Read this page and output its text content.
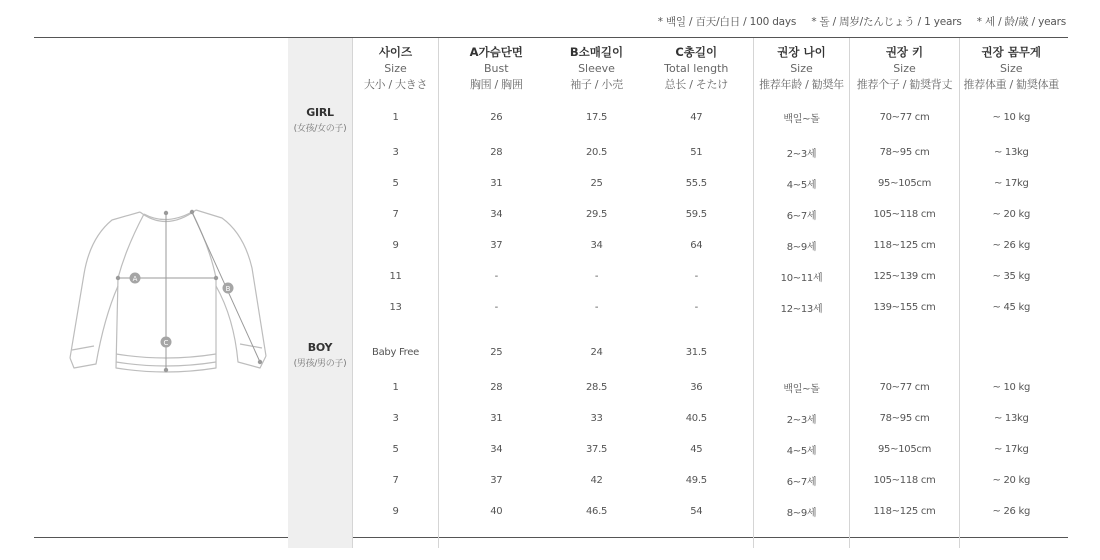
* 백일 / 百天/白日 / 100 days * 돌 / 周岁/たんじょう / 1 years * 세 / 龄/歳 / years
A
B
C

	사이즈
Size
大小 / 大きさ	A가슴단면
Bust
胸围 / 胸囲	B소매길이
Sleeve
袖子 / 小売	C총길이
Total length
总长 / そたけ	권장 나이
Size
推荐年龄 / 勧奨年	권장 키
Size
推荐个子 / 勧奨背丈	권장 몸무게
Size
推荐体重 / 勧奨体重

GIRL
(女孩/女の子)	1	26	17.5	47	백일~돌	70~77 cm	~ 10 kg
	3	28	20.5	51	2~3세	78~95 cm	~ 13kg
	5	31	25	55.5	4~5세	95~105cm	~ 17kg
	7	34	29.5	59.5	6~7세	105~118 cm	~ 20 kg
	9	37	34	64	8~9세	118~125 cm	~ 26 kg
	11	-	-	-	10~11세	125~139 cm	~ 35 kg
	13	-	-	-	12~13세	139~155 cm	~ 45 kg

BOY
(男孩/男の子)	Baby Free	25	24	31.5			
	1	28	28.5	36	백일~돌	70~77 cm	~ 10 kg
	3	31	33	40.5	2~3세	78~95 cm	~ 13kg
	5	34	37.5	45	4~5세	95~105cm	~ 17kg
	7	37	42	49.5	6~7세	105~118 cm	~ 20 kg
	9	40	46.5	54	8~9세	118~125 cm	~ 26 kg
